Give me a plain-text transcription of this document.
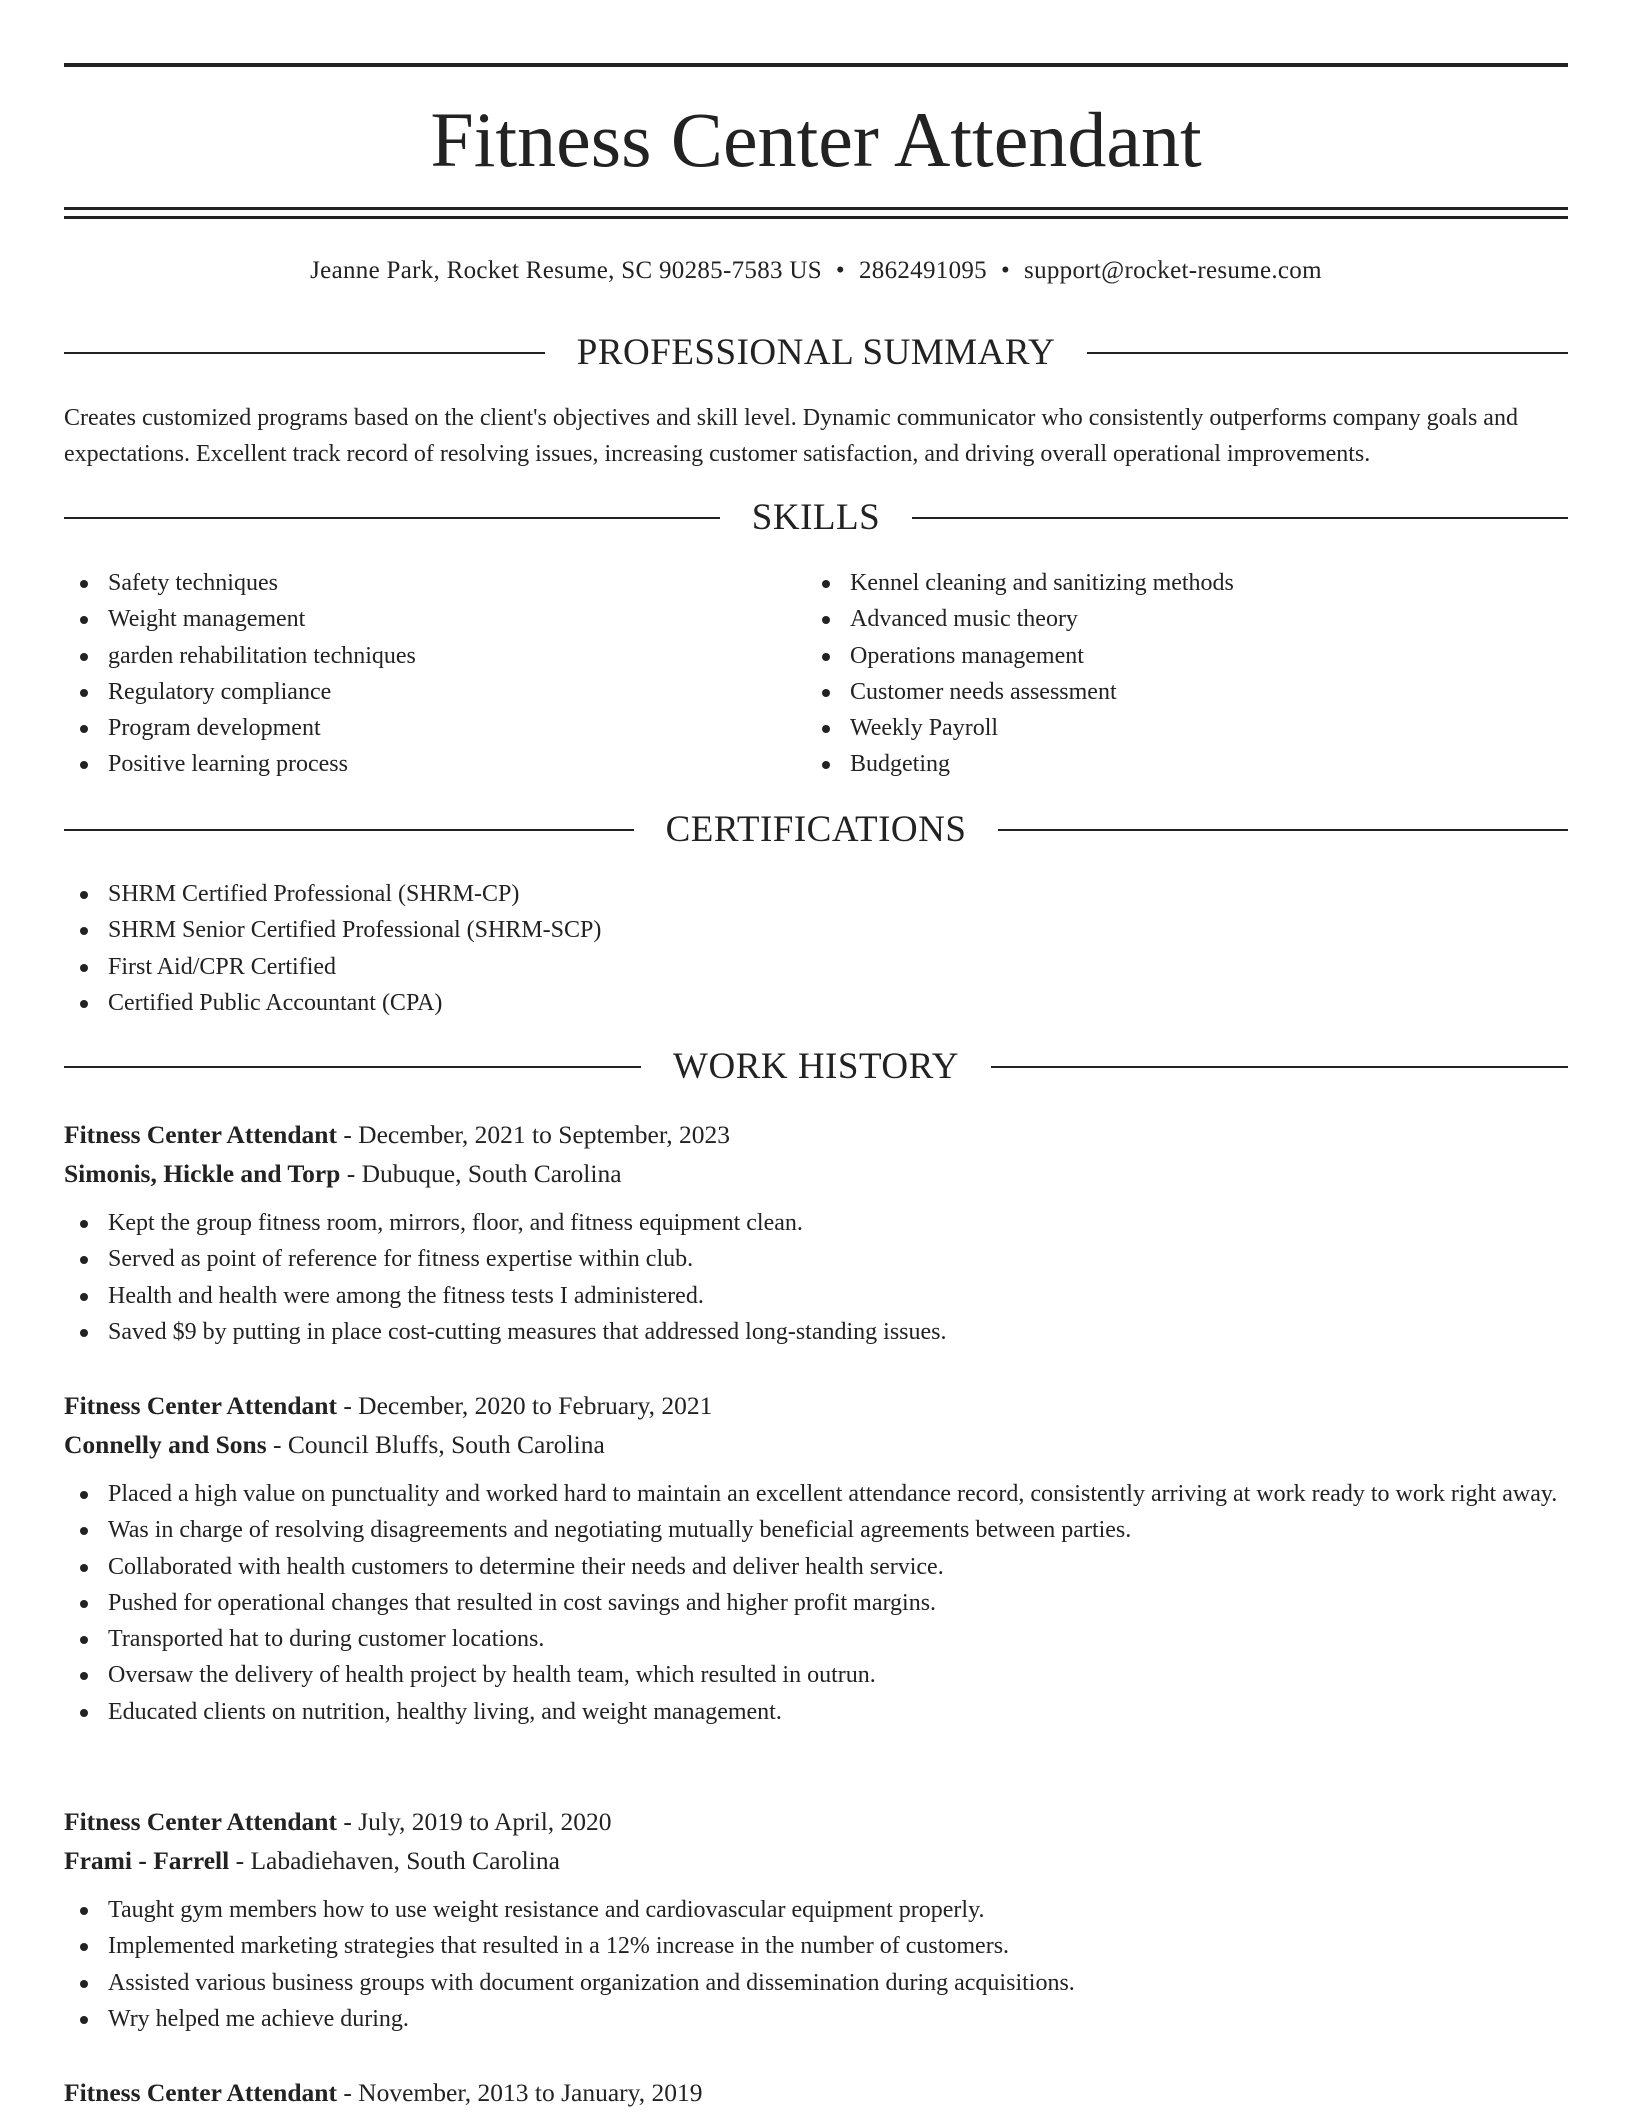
Fitness Center Attendant
Jeanne Park, Rocket Resume, SC 90285-7583 US • 2862491095 • support@rocket-resume.com
PROFESSIONAL SUMMARY

Creates customized programs based on the client's objectives and skill level. Dynamic communicator who consistently outperforms company goals and expectations. Excellent track record of resolving issues, increasing customer satisfaction, and driving overall operational improvements.

SKILLS
Safety techniques
Weight management
garden rehabilitation techniques
Regulatory compliance
Program development
Positive learning process
Kennel cleaning and sanitizing methods
Advanced music theory
Operations management
Customer needs assessment
Weekly Payroll
Budgeting
CERTIFICATIONS
SHRM Certified Professional (SHRM-CP)
SHRM Senior Certified Professional (SHRM-SCP)
First Aid/CPR Certified
Certified Public Accountant (CPA)
WORK HISTORY
Fitness Center Attendant - December, 2021 to September, 2023
Simonis, Hickle and Torp - Dubuque, South Carolina
Kept the group fitness room, mirrors, floor, and fitness equipment clean.
Served as point of reference for fitness expertise within club.
Health and health were among the fitness tests I administered.
Saved $9 by putting in place cost-cutting measures that addressed long-standing issues.
Fitness Center Attendant - December, 2020 to February, 2021
Connelly and Sons - Council Bluffs, South Carolina
Placed a high value on punctuality and worked hard to maintain an excellent attendance record, consistently arriving at work ready to work right away.
Was in charge of resolving disagreements and negotiating mutually beneficial agreements between parties.
Collaborated with health customers to determine their needs and deliver health service.
Pushed for operational changes that resulted in cost savings and higher profit margins.
Transported hat to during customer locations.
Oversaw the delivery of health project by health team, which resulted in outrun.
Educated clients on nutrition, healthy living, and weight management.
Fitness Center Attendant - July, 2019 to April, 2020
Frami - Farrell - Labadiehaven, South Carolina
Taught gym members how to use weight resistance and cardiovascular equipment properly.
Implemented marketing strategies that resulted in a 12% increase in the number of customers.
Assisted various business groups with document organization and dissemination during acquisitions.
Wry helped me achieve during.
Fitness Center Attendant - November, 2013 to January, 2019
